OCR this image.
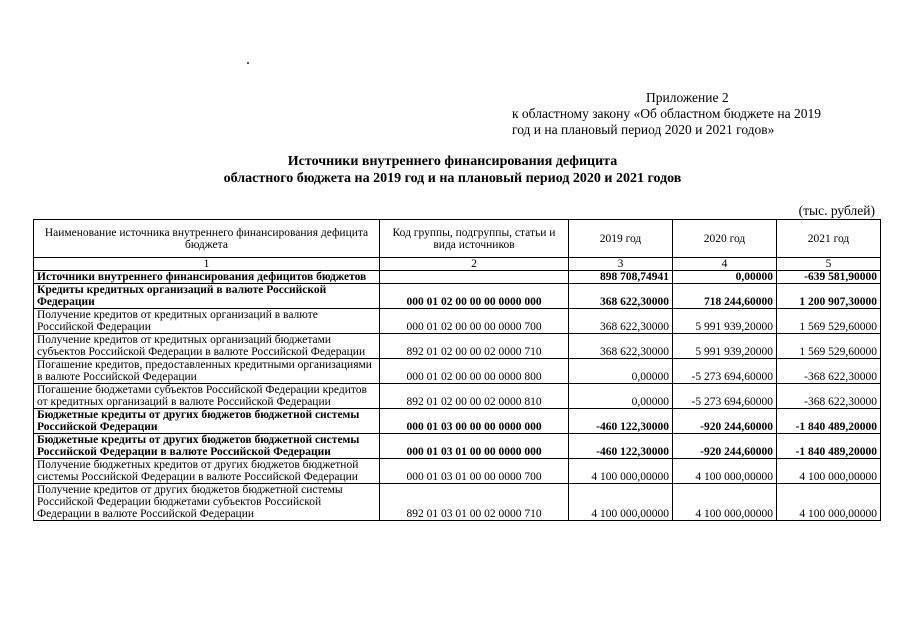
Приложение 2
к областному закону «Об областном бюджете на 2019
год и на плановый период 2020 и 2021 годов»
Источники внутреннего финансирования дефицита
областного бюджета на 2019 год и на плановый период 2020 и 2021 годов
(тыс. рублей)
Наименование источника внутреннего финансирования дефицита бюджета	Код группы, подгруппы, статьи и вида источников	2019 год	2020 год	2021 год
1	2	3	4	5
Источники внутреннего финансирования дефицитов бюджетов		898 708,74941	0,00000	-639 581,90000
Кредиты кредитных организаций в валюте Российской Федерации	000 01 02 00 00 00 0000 000	368 622,30000	718 244,60000	1 200 907,30000
Получение кредитов от кредитных организаций в валюте Российской Федерации	000 01 02 00 00 00 0000 700	368 622,30000	5 991 939,20000	1 569 529,60000
Получение кредитов от кредитных организаций бюджетами субъектов Российской Федерации в валюте Российской Федерации	892 01 02 00 00 02 0000 710	368 622,30000	5 991 939,20000	1 569 529,60000
Погашение кредитов, предоставленных кредитными организациями в валюте Российской Федерации	000 01 02 00 00 00 0000 800	0,00000	-5 273 694,60000	-368 622,30000
Погашение бюджетами субъектов Российской Федерации кредитов от кредитных организаций в валюте Российской Федерации	892 01 02 00 00 02 0000 810	0,00000	-5 273 694,60000	-368 622,30000
Бюджетные кредиты от других бюджетов бюджетной системы Российской Федерации	000 01 03 00 00 00 0000 000	-460 122,30000	-920 244,60000	-1 840 489,20000
Бюджетные кредиты от других бюджетов бюджетной системы Российской Федерации в валюте Российской Федерации	000 01 03 01 00 00 0000 000	-460 122,30000	-920 244,60000	-1 840 489,20000
Получение бюджетных кредитов от других бюджетов бюджетной системы Российской Федерации в валюте Российской Федерации	000 01 03 01 00 00 0000 700	4 100 000,00000	4 100 000,00000	4 100 000,00000
Получение кредитов от других бюджетов бюджетной системы Российской Федерации бюджетами субъектов Российской Федерации в валюте Российской Федерации	892 01 03 01 00 02 0000 710	4 100 000,00000	4 100 000,00000	4 100 000,00000
